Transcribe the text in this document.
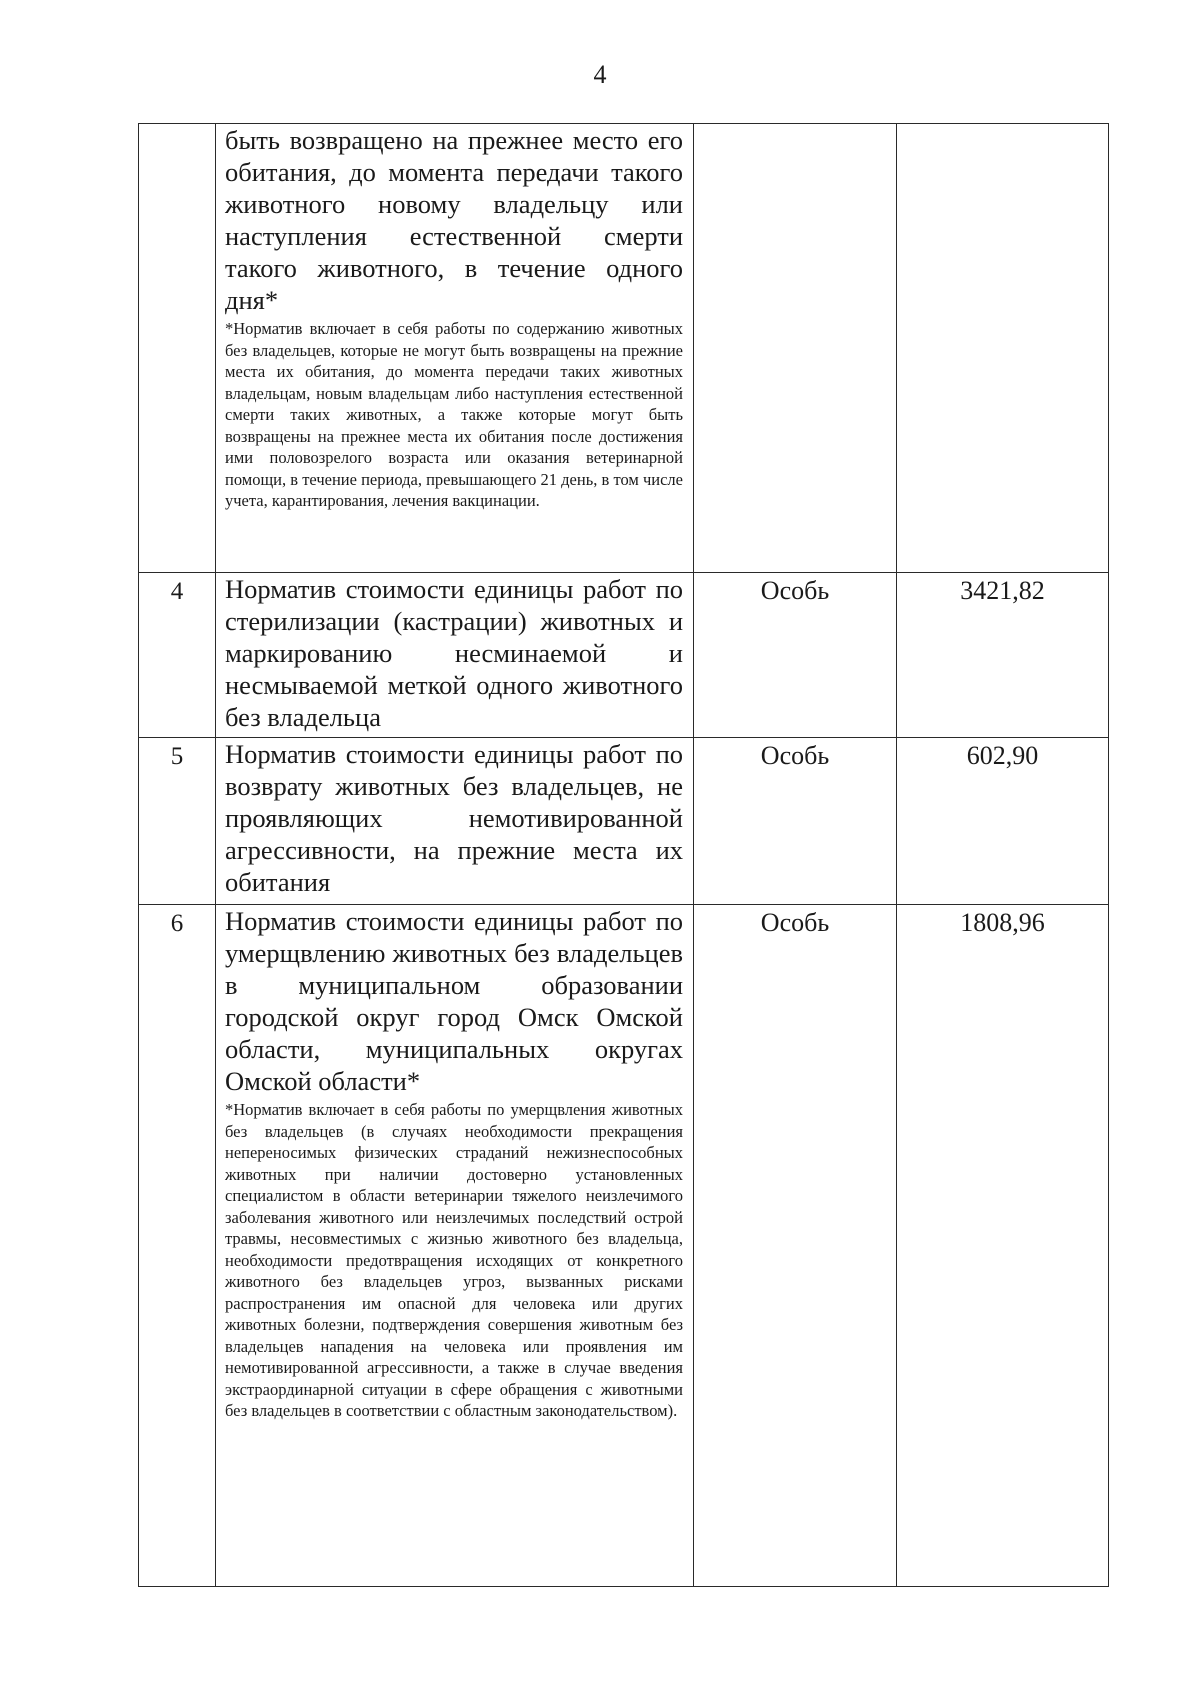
4

	быть возвращено на прежнее место его обитания, до момента передачи такого животного новому владельцу или наступления естественной смерти такого животного, в течение одного дня*
*Норматив включает в себя работы по содержанию животных без владельцев, которые не могут быть возвращены на прежние места их обитания, до момента передачи таких животных владельцам, новым владельцам либо наступления естественной смерти таких животных, а также которые могут быть возвращены на прежнее места их обитания после достижения ими половозрелого возраста или оказания ветеринарной помощи, в течение периода, превышающего 21 день, в том числе учета, карантирования, лечения вакцинации.		

4	Норматив стоимости единицы работ по стерилизации (кастрации) животных и маркированию несминаемой и несмываемой меткой одного животного без владельца	Особь	3421,82
5	Норматив стоимости единицы работ по возврату животных без владельцев, не проявляющих немотивированной агрессивности, на прежние места их обитания	Особь	602,90
6	Норматив стоимости единицы работ по умерщвлению животных без владельцев в муниципальном образовании городской округ город Омск Омской области, муниципальных округах Омской области*
*Норматив включает в себя работы по умерщвления животных без владельцев (в случаях необходимости прекращения непереносимых физических страданий нежизнеспособных животных при наличии достоверно установленных специалистом в области ветеринарии тяжелого неизлечимого заболевания животного или неизлечимых последствий острой травмы, несовместимых с жизнью животного без владельца, необходимости предотвращения исходящих от конкретного животного без владельцев угроз, вызванных рисками распространения им опасной для человека или других животных болезни, подтверждения совершения животным без владельцев нападения на человека или проявления им немотивированной агрессивности, а также в случае введения экстраординарной ситуации в сфере обращения с животными без владельцев в соответствии с областным законодательством).	Особь	1808,96
